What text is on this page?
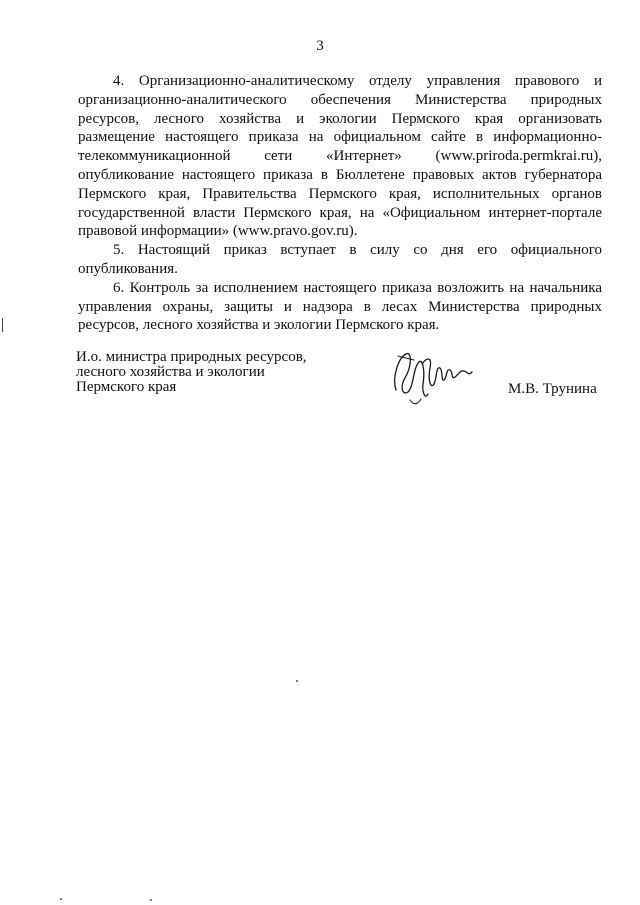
3

4. Организационно-аналитическому отделу управления правового и организационно-аналитического обеспечения Министерства природных ресурсов, лесного хозяйства и экологии Пермского края организовать размещение настоящего приказа на официальном сайте в информационно-телекоммуникационной сети «Интернет» (www.priroda.permkrai.ru), опубликование настоящего приказа в Бюллетене правовых актов губернатора Пермского края, Правительства Пермского края, исполнительных органов государственной власти Пермского края, на «Официальном интернет-портале правовой информации» (www.pravo.gov.ru).

5. Настоящий приказ вступает в силу со дня его официального опубликования.

6. Контроль за исполнением настоящего приказа возложить на начальника управления охраны, защиты и надзора в лесах Министерства природных ресурсов, лесного хозяйства и экологии Пермского края.

И.о. министра природных ресурсов,
лесного хозяйства и экологии
Пермского края	М.В. Трунина
